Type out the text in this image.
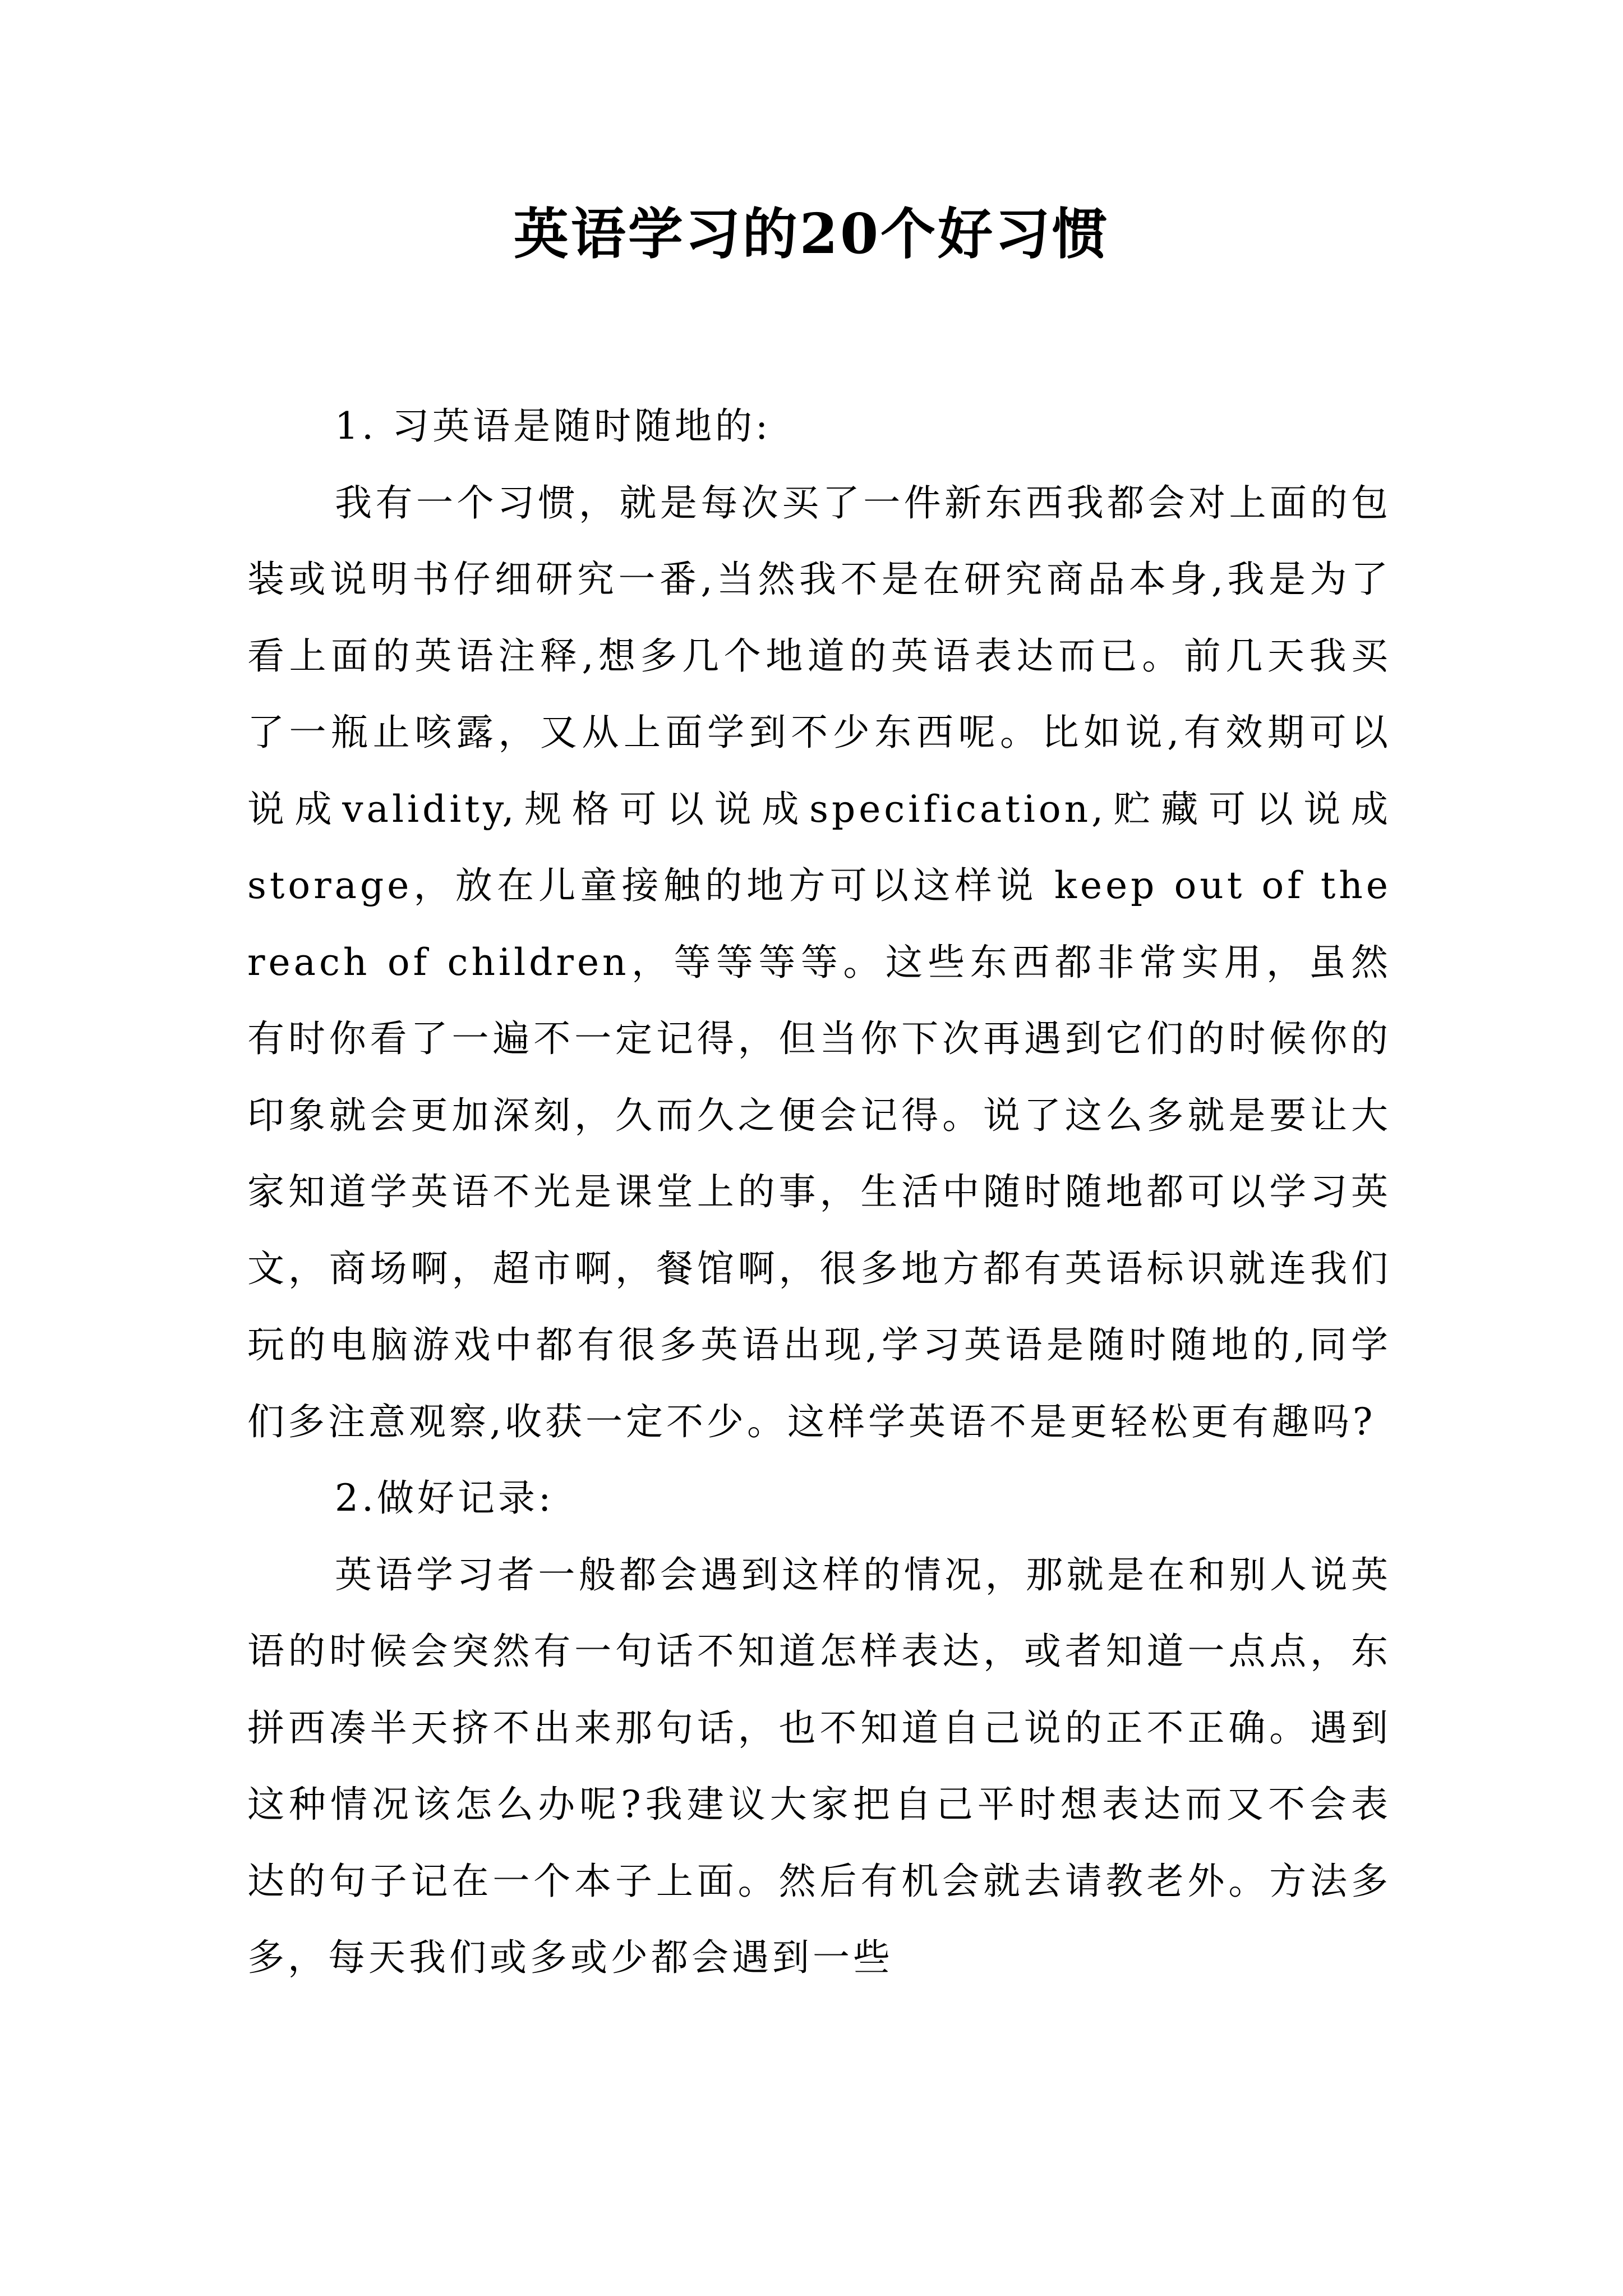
英语学习的20个好习惯

1. 习英语是随时随地的:

我有一个习惯，就是每次买了一件新东西我都会对上面的包装或说明书仔细研究一番,当然我不是在研究商品本身,我是为了看上面的英语注释,想多几个地道的英语表达而已。前几天我买了一瓶止咳露，又从上面学到不少东西呢。比如说,有效期可以说成validity,规格可以说成specification,贮藏可以说成 storage，放在儿童接触的地方可以这样说 keep out of the reach of children，等等等等。这些东西都非常实用，虽然有时你看了一遍不一定记得，但当你下次再遇到它们的时候你的印象就会更加深刻，久而久之便会记得。说了这么多就是要让大家知道学英语不光是课堂上的事，生活中随时随地都可以学习英文，商场啊，超市啊，餐馆啊，很多地方都有英语标识就连我们玩的电脑游戏中都有很多英语出现,学习英语是随时随地的,同学们多注意观察,收获一定不少。这样学英语不是更轻松更有趣吗?

2.做好记录:

英语学习者一般都会遇到这样的情况，那就是在和别人说英语的时候会突然有一句话不知道怎样表达，或者知道一点点，东拼西凑半天挤不出来那句话，也不知道自己说的正不正确。遇到这种情况该怎么办呢?我建议大家把自己平时想表达而又不会表达的句子记在一个本子上面。然后有机会就去请教老外。方法多多，每天我们或多或少都会遇到一些
